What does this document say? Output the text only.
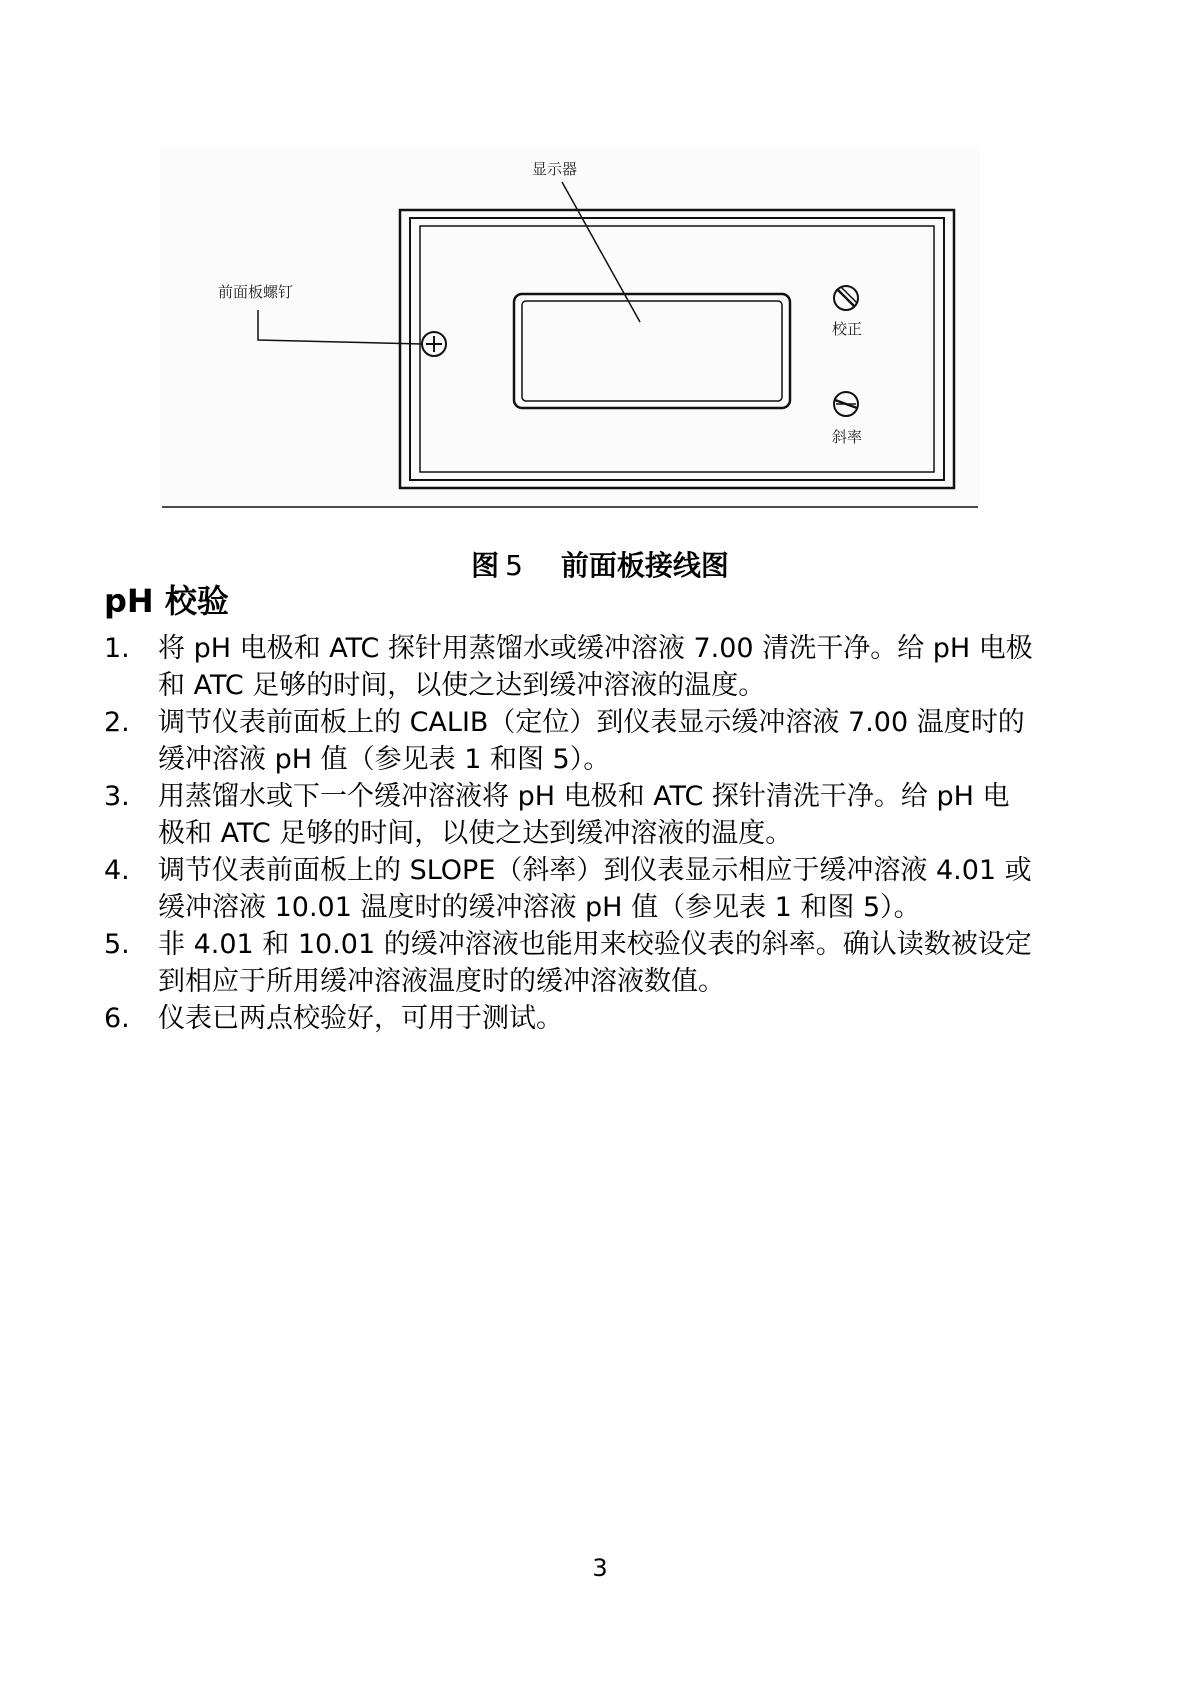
显示器
前面板螺钉
校正
斜率
图 5 前面板接线图
pH 校验
1. 将 pH 电极和 ATC 探针用蒸馏水或缓冲溶液 7.00 清洗干净。给 pH 电极
和 ATC 足够的时间，以使之达到缓冲溶液的温度。
2. 调节仪表前面板上的 CALIB（定位）到仪表显示缓冲溶液 7.00 温度时的
缓冲溶液 pH 值（参见表 1 和图 5）。
3. 用蒸馏水或下一个缓冲溶液将 pH 电极和 ATC 探针清洗干净。给 pH 电
极和 ATC 足够的时间，以使之达到缓冲溶液的温度。
4. 调节仪表前面板上的 SLOPE（斜率）到仪表显示相应于缓冲溶液 4.01 或
缓冲溶液 10.01 温度时的缓冲溶液 pH 值（参见表 1 和图 5）。
5. 非 4.01 和 10.01 的缓冲溶液也能用来校验仪表的斜率。确认读数被设定
到相应于所用缓冲溶液温度时的缓冲溶液数值。
6. 仪表已两点校验好，可用于测试。
3
